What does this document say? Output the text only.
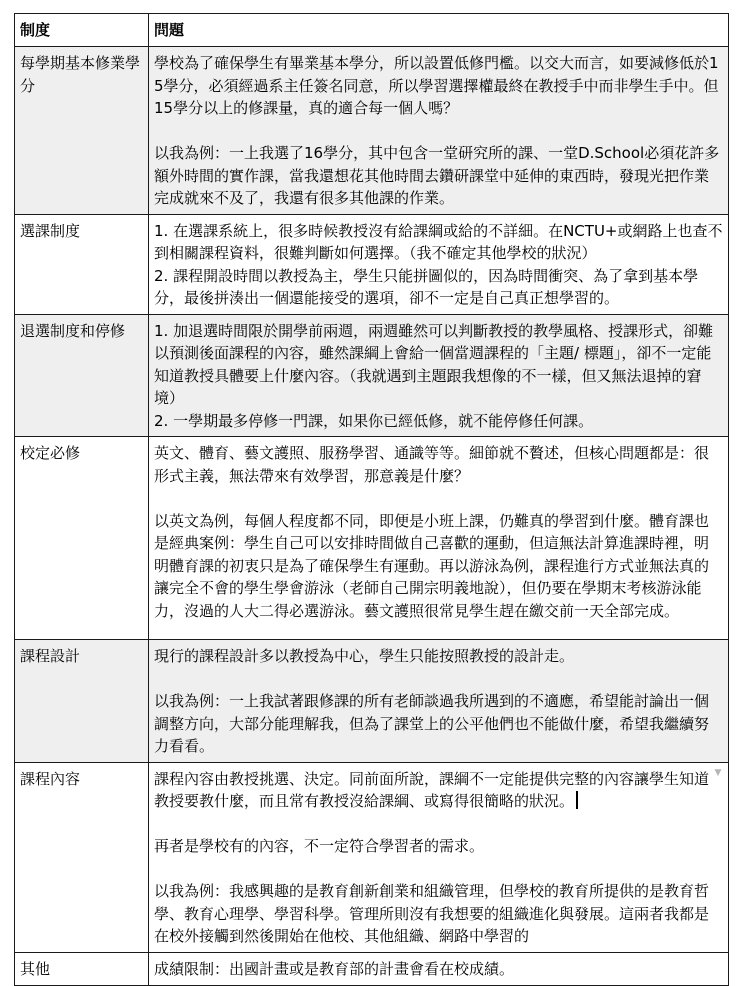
制度	問題
每學期基本修業學分	學校為了確保學生有畢業基本學分，所以設置低修門檻。以交大而言，如要減修低於15學分，必須經過系主任簽名同意，所以學習選擇權最終在教授手中而非學生手中。但15學分以上的修課量，真的適合每一個人嗎？
以我為例：一上我選了16學分，其中包含一堂研究所的課、一堂D.School必須花許多額外時間的實作課，當我還想花其他時間去鑽研課堂中延伸的東西時，發現光把作業完成就來不及了，我還有很多其他課的作業。

選課制度	1. 在選課系統上，很多時候教授沒有給課綱或給的不詳細。在NCTU+或網路上也查不到相關課程資料，很難判斷如何選擇。（我不確定其他學校的狀況）
2. 課程開設時間以教授為主，學生只能拼圖似的，因為時間衝突、為了拿到基本學分，最後拼湊出一個還能接受的選項，卻不一定是自己真正想學習的。

退選制度和停修	1. 加退選時間限於開學前兩週，兩週雖然可以判斷教授的教學風格、授課形式，卻難以預測後面課程的內容，雖然課綱上會給一個當週課程的「主題/ 標題」，卻不一定能知道教授具體要上什麼內容。（我就遇到主題跟我想像的不一樣，但又無法退掉的窘境）
2. 一學期最多停修一門課，如果你已經低修，就不能停修任何課。

校定必修	英文、體育、藝文護照、服務學習、通識等等。細節就不贅述，但核心問題都是：很形式主義，無法帶來有效學習，那意義是什麼？
以英文為例，每個人程度都不同，即便是小班上課，仍難真的學習到什麼。體育課也是經典案例：學生自己可以安排時間做自己喜歡的運動，但這無法計算進課時裡，明明體育課的初衷只是為了確保學生有運動。再以游泳為例，課程進行方式並無法真的讓完全不會的學生學會游泳（老師自己開宗明義地說），但仍要在學期末考核游泳能力，沒過的人大二得必選游泳。藝文護照很常見學生趕在繳交前一天全部完成。

課程設計	現行的課程設計多以教授為中心，學生只能按照教授的設計走。
以我為例：一上我試著跟修課的所有老師談過我所遇到的不適應，希望能討論出一個調整方向，大部分能理解我，但為了課堂上的公平他們也不能做什麼，希望我繼續努力看看。

課程內容	▼
課程內容由教授挑選、決定。同前面所說，課綱不一定能提供完整的內容讓學生知道教授要教什麼，而且常有教授沒給課綱、或寫得很簡略的狀況。
再者是學校有的內容，不一定符合學習者的需求。
以我為例：我感興趣的是教育創新創業和組織管理，但學校的教育所提供的是教育哲學、教育心理學、學習科學。管理所則沒有我想要的組織進化與發展。這兩者我都是在校外接觸到然後開始在他校、其他組織、網路中學習的

其他	成績限制：出國計畫或是教育部的計畫會看在校成績。
